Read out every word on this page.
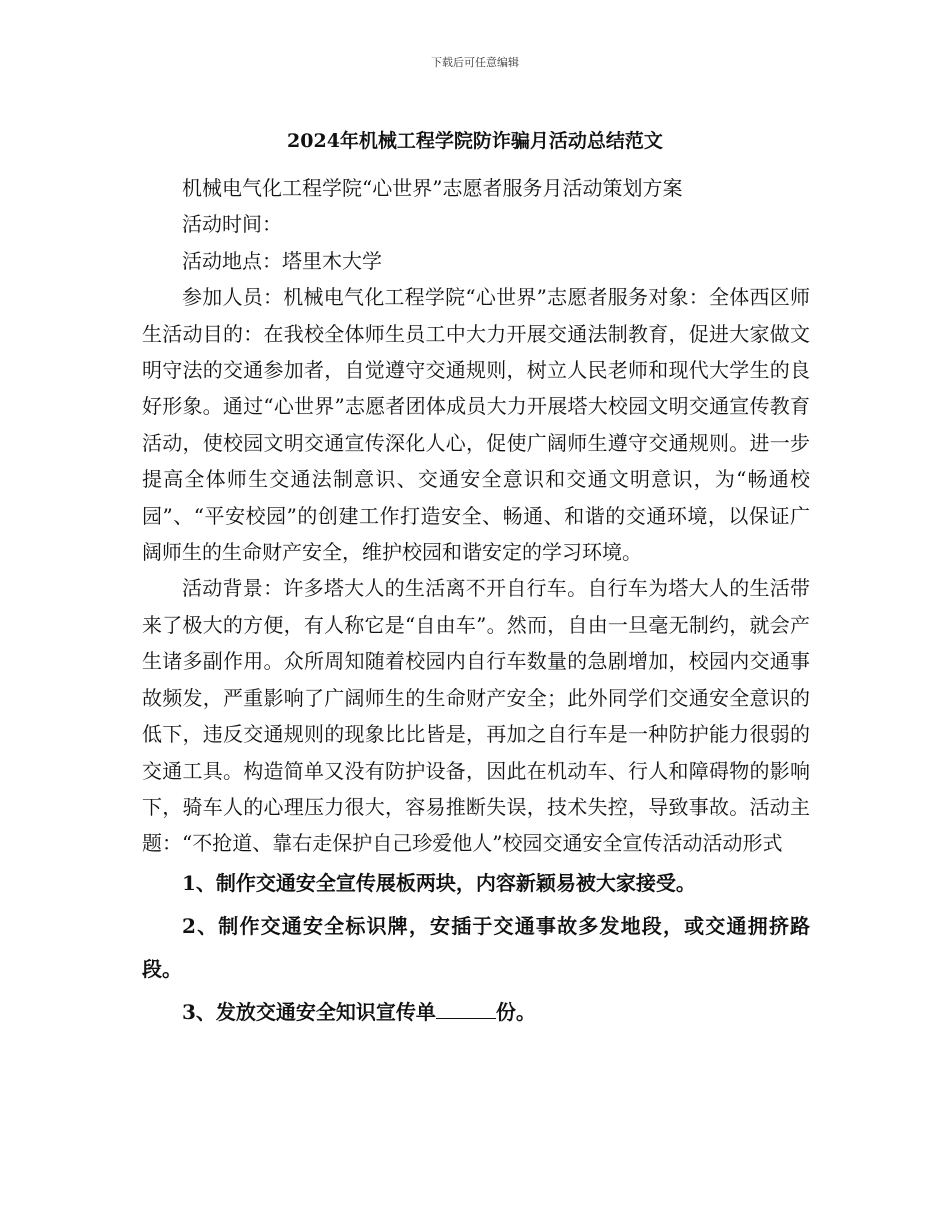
下载后可任意编辑
2024年机械工程学院防诈骗月活动总结范文

机械电气化工程学院“心世界”志愿者服务月活动策划方案

活动时间：

活动地点：塔里木大学

参加人员：机械电气化工程学院“心世界”志愿者服务对象：全体西区师生活动目的：在我校全体师生员工中大力开展交通法制教育，促进大家做文明守法的交通参加者，自觉遵守交通规则，树立人民老师和现代大学生的良好形象。通过“心世界”志愿者团体成员大力开展塔大校园文明交通宣传教育活动，使校园文明交通宣传深化人心，促使广阔师生遵守交通规则。进一步提高全体师生交通法制意识、交通安全意识和交通文明意识，为“畅通校园”、“平安校园”的创建工作打造安全、畅通、和谐的交通环境，以保证广阔师生的生命财产安全，维护校园和谐安定的学习环境。

活动背景：许多塔大人的生活离不开自行车。自行车为塔大人的生活带来了极大的方便，有人称它是“自由车”。然而，自由一旦毫无制约，就会产生诸多副作用。众所周知随着校园内自行车数量的急剧增加，校园内交通事故频发，严重影响了广阔师生的生命财产安全；此外同学们交通安全意识的低下，违反交通规则的现象比比皆是，再加之自行车是一种防护能力很弱的交通工具。构造简单又没有防护设备，因此在机动车、行人和障碍物的影响下，骑车人的心理压力很大，容易推断失误，技术失控，导致事故。活动主题：“不抢道、靠右走保护自己珍爱他人”校园交通安全宣传活动活动形式

1、制作交通安全宣传展板两块，内容新颖易被大家接受。

2、制作交通安全标识牌，安插于交通事故多发地段，或交通拥挤路段。

3、发放交通安全知识宣传单	份。
